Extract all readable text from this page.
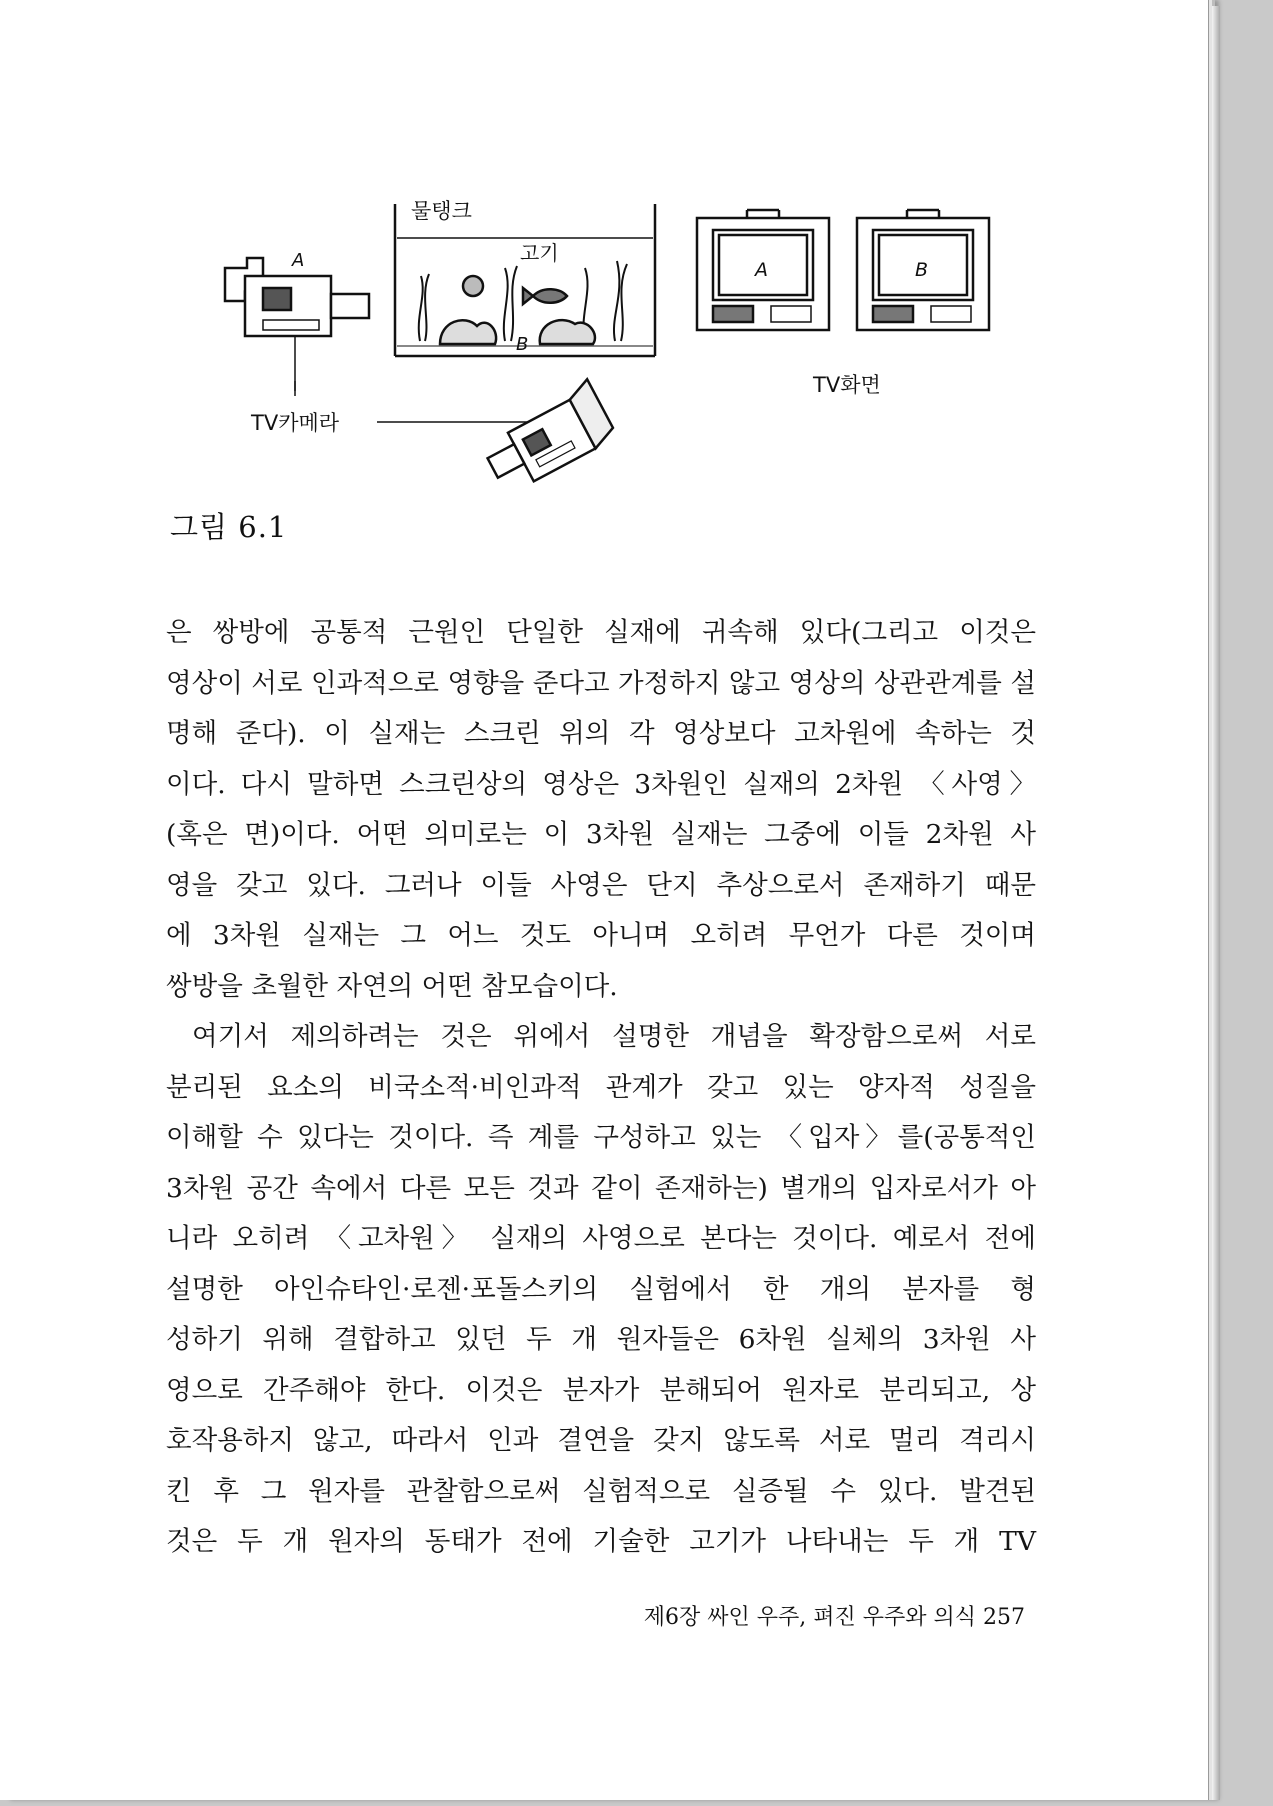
물탱크
고기
A
TV카메라
B
A	B
TV화면
그림 6.1
은 쌍방에 공통적 근원인 단일한 실재에 귀속해 있다(그리고 이것은
영상이 서로 인과적으로 영향을 준다고 가정하지 않고 영상의 상관관계를 설
명해 준다). 이 실재는 스크린 위의 각 영상보다 고차원에 속하는 것
이다. 다시 말하면 스크린상의 영상은 3차원인 실재의 2차원 〈사영〉
(혹은 면)이다. 어떤 의미로는 이 3차원 실재는 그중에 이들 2차원 사
영을 갖고 있다. 그러나 이들 사영은 단지 추상으로서 존재하기 때문
에 3차원 실재는 그 어느 것도 아니며 오히려 무언가 다른 것이며
쌍방을 초월한 자연의 어떤 참모습이다.
여기서 제의하려는 것은 위에서 설명한 개념을 확장함으로써 서로
분리된 요소의 비국소적·비인과적 관계가 갖고 있는 양자적 성질을
이해할 수 있다는 것이다. 즉 계를 구성하고 있는 〈입자〉를(공통적인
3차원 공간 속에서 다른 모든 것과 같이 존재하는) 별개의 입자로서가 아
니라 오히려 〈고차원〉 실재의 사영으로 본다는 것이다. 예로서 전에
설명한 아인슈타인·로젠·포돌스키의 실험에서 한 개의 분자를 형
성하기 위해 결합하고 있던 두 개 원자들은 6차원 실체의 3차원 사
영으로 간주해야 한다. 이것은 분자가 분해되어 원자로 분리되고, 상
호작용하지 않고, 따라서 인과 결연을 갖지 않도록 서로 멀리 격리시
킨 후 그 원자를 관찰함으로써 실험적으로 실증될 수 있다. 발견된
것은 두 개 원자의 동태가 전에 기술한 고기가 나타내는 두 개 TV
제6장 싸인 우주, 펴진 우주와 의식 257
